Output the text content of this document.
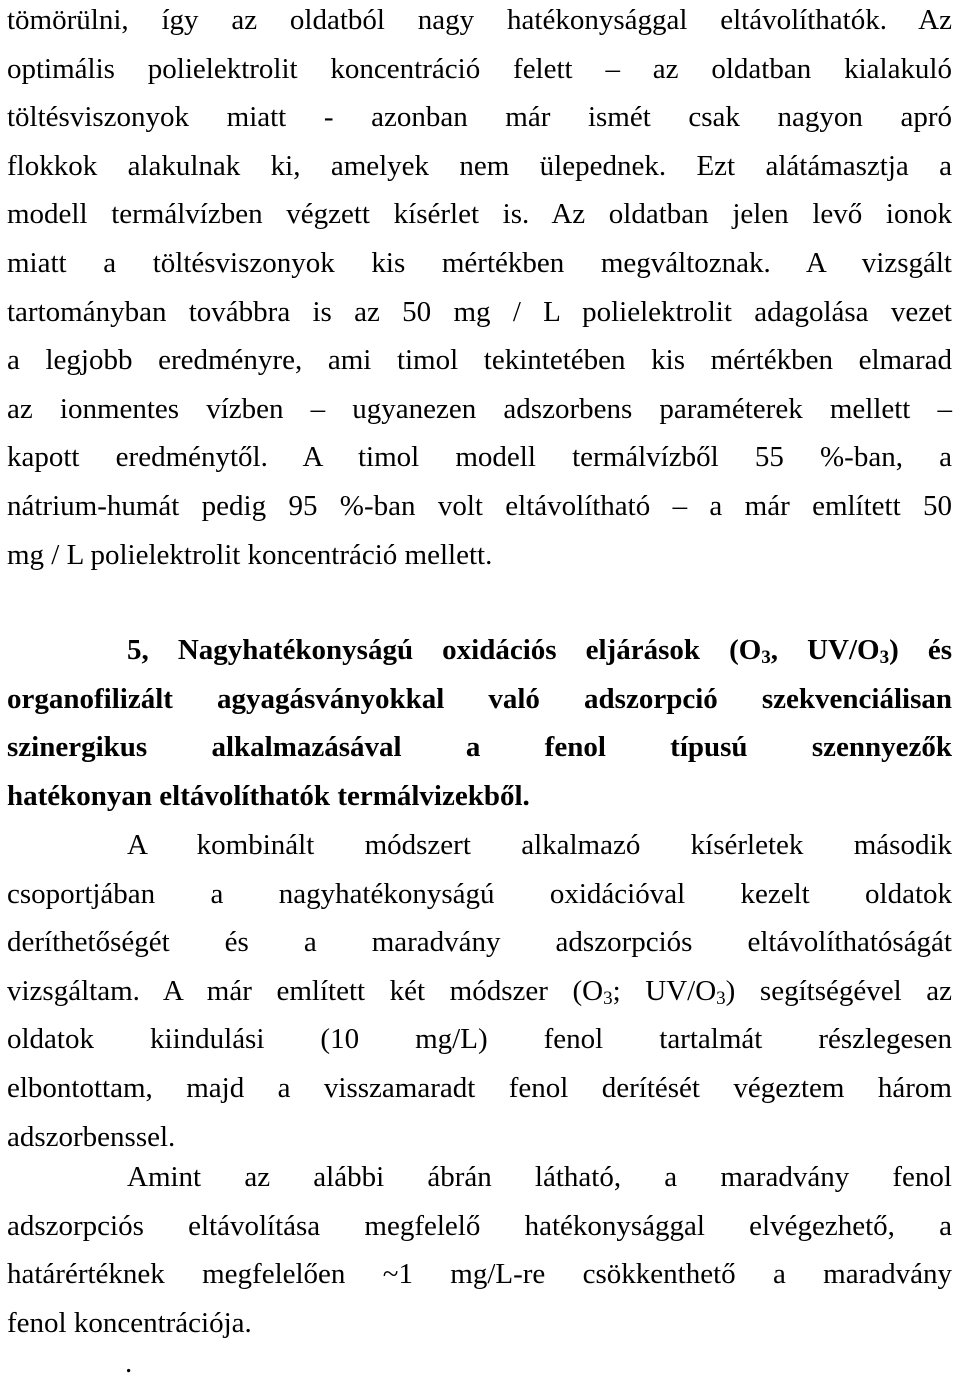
tömörülni, így az oldatból nagy hatékonysággal eltávolíthatók. Az

optimális polielektrolit koncentráció felett – az oldatban kialakuló

töltésviszonyok miatt - azonban már ismét csak nagyon apró

flokkok alakulnak ki, amelyek nem ülepednek. Ezt alátámasztja a

modell termálvízben végzett kísérlet is. Az oldatban jelen levő ionok

miatt a töltésviszonyok kis mértékben megváltoznak. A vizsgált

tartományban továbbra is az 50 mg / L polielektrolit adagolása vezet

a legjobb eredményre, ami timol tekintetében kis mértékben elmarad

az ionmentes vízben – ugyanezen adszorbens paraméterek mellett –

kapott eredménytől. A timol modell termálvízből 55 %-ban, a

nátrium-humát pedig 95 %-ban volt eltávolítható – a már említett 50

mg / L polielektrolit koncentráció mellett.

5, Nagyhatékonyságú oxidációs eljárások ($O_3$, $UV/O_3$) és
organofilizált agyagásványokkal való adszorpció szekvenciálisan
szinergikus alkalmazásával a fenol típusú szennyezők
hatékonyan eltávolíthatók termálvizekből.
A kombinált módszert alkalmazó kísérletek második
csoportjában a nagyhatékonyságú oxidációval kezelt oldatok
deríthetőségét és a maradvány adszorpciós eltávolíthatóságát
vizsgáltam. A már említett két módszer ($O_3$; $UV/O_3$) segítségével az
oldatok kiindulási (10 mg/L) fenol tartalmát részlegesen
elbontottam, majd a visszamaradt fenol derítését végeztem három
adszorbenssel.
Amint az alábbi ábrán látható, a maradvány fenol
adszorpciós eltávolítása megfelelő hatékonysággal elvégezhető, a
határértéknek megfelelően ~1 mg/L-re csökkenthető a maradvány
fenol koncentrációja.
.
